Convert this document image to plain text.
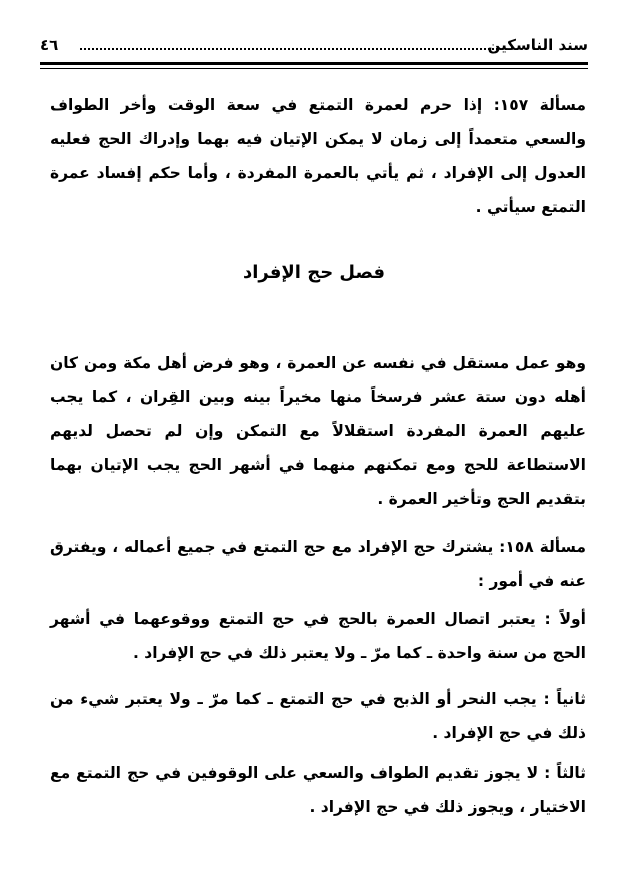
سند الناسكين
٤٦

مسألة ١٥٧: إذا حرم لعمرة التمتع في سعة الوقت وأخر الطواف والسعي متعمداً إلى زمان لا يمكن الإتيان فيه بهما وإدراك الحج فعليه العدول إلى الإفراد ، ثم يأتي بالعمرة المفردة ، وأما حكم إفساد عمرة التمتع سيأتي .

فصل حج الإفراد

وهو عمل مستقل في نفسه عن العمرة ، وهو فرض أهل مكة ومن كان أهله دون ستة عشر فرسخاً منها مخيراً بينه وبين القِران ، كما يجب عليهم العمرة المفردة استقلالاً مع التمكن وإن لم تحصل لديهم الاستطاعة للحج ومع تمكنهم منهما في أشهر الحج يجب الإتيان بهما بتقديم الحج وتأخير العمرة .

مسألة ١٥٨: يشترك حج الإفراد مع حج التمتع في جميع أعماله ، ويفترق عنه في أمور :

أولاً : يعتبر اتصال العمرة بالحج في حج التمتع ووقوعهما في أشهر الحج من سنة واحدة ـ كما مرّ ـ ولا يعتبر ذلك في حج الإفراد .

ثانياً : يجب النحر أو الذبح في حج التمتع ـ كما مرّ ـ ولا يعتبر شيء من ذلك في حج الإفراد .

ثالثاً : لا يجوز تقديم الطواف والسعي على الوقوفين في حج التمتع مع الاختيار ، ويجوز ذلك في حج الإفراد .
